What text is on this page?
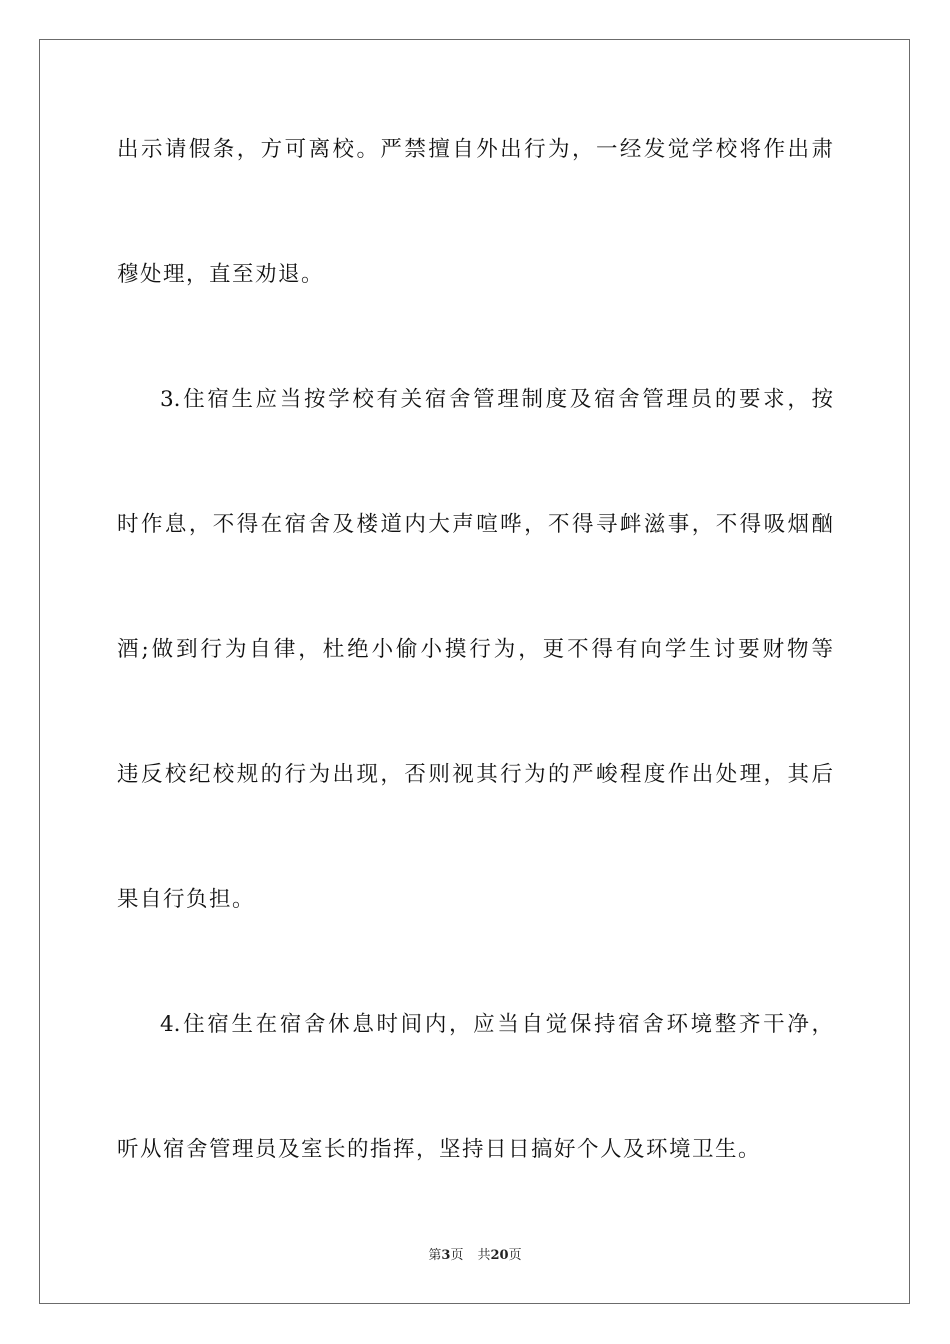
出示请假条，方可离校。严禁擅自外出行为，一经发觉学校将作出肃
穆处理，直至劝退。
3.住宿生应当按学校有关宿舍管理制度及宿舍管理员的要求，按
时作息，不得在宿舍及楼道内大声喧哗，不得寻衅滋事，不得吸烟酗
酒;做到行为自律，杜绝小偷小摸行为，更不得有向学生讨要财物等
违反校纪校规的行为出现，否则视其行为的严峻程度作出处理，其后
果自行负担。
4.住宿生在宿舍休息时间内，应当自觉保持宿舍环境整齐干净，
听从宿舍管理员及室长的指挥，坚持日日搞好个人及环境卫生。
第3页 共20页
